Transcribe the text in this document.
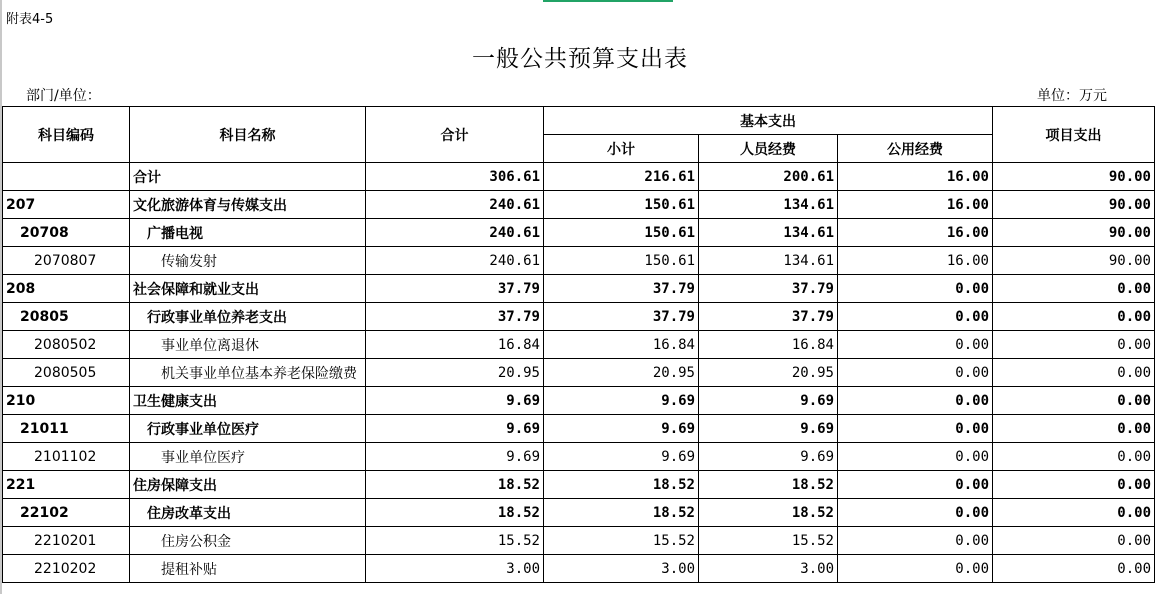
附表4-5
一般公共预算支出表
部门/单位：	单位：万元
科目编码	科目名称	合计	基本支出			项目支出
			小计	人员经费	公用经费	
	合计	306.61	216.61	200.61	16.00	90.00
207	文化旅游体育与传媒支出	240.61	150.61	134.61	16.00	90.00
20708	广播电视	240.61	150.61	134.61	16.00	90.00
2070807	传输发射	240.61	150.61	134.61	16.00	90.00
208	社会保障和就业支出	37.79	37.79	37.79	0.00	0.00
20805	行政事业单位养老支出	37.79	37.79	37.79	0.00	0.00
2080502	事业单位离退休	16.84	16.84	16.84	0.00	0.00
2080505	机关事业单位基本养老保险缴费	20.95	20.95	20.95	0.00	0.00
210	卫生健康支出	9.69	9.69	9.69	0.00	0.00
21011	行政事业单位医疗	9.69	9.69	9.69	0.00	0.00
2101102	事业单位医疗	9.69	9.69	9.69	0.00	0.00
221	住房保障支出	18.52	18.52	18.52	0.00	0.00
22102	住房改革支出	18.52	18.52	18.52	0.00	0.00
2210201	住房公积金	15.52	15.52	15.52	0.00	0.00
2210202	提租补贴	3.00	3.00	3.00	0.00	0.00
